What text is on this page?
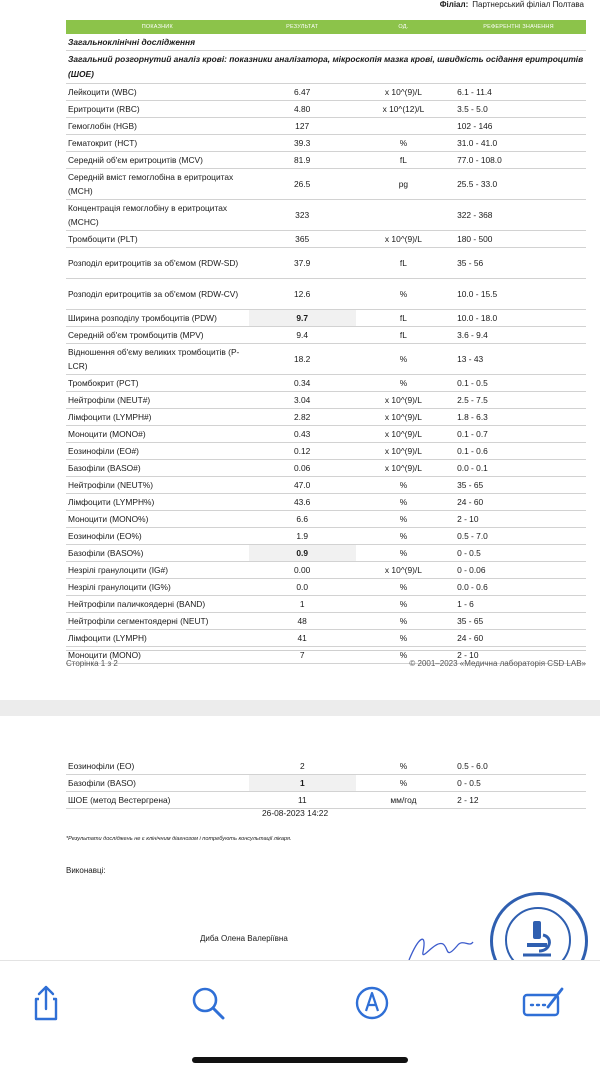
Філіал: Партнерський філіал Полтава
ПОКАЗНИК	РЕЗУЛЬТАТ	ОД.	РЕФЕРЕНТНІ ЗНАЧЕННЯ
Загальноклінічні дослідження			
Загальний розгорнутий аналіз крові: показники аналізатора, мікроскопія мазка крові, швидкість осідання еритроцитів (ШОЕ)			
Лейкоцити (WBC)	6.47	x 10^(9)/L	6.1 - 11.4
Еритроцити (RBC)	4.80	x 10^(12)/L	3.5 - 5.0
Гемоглобін (HGB)	127		102 - 146
Гематокрит (HCT)	39.3	%	31.0 - 41.0
Середній об'єм еритроцитів (MCV)	81.9	fL	77.0 - 108.0
Середній вміст гемоглобіна в еритроцитах (MCH)	26.5	pg	25.5 - 33.0
Концентрація гемоглобіну в еритроцитах (MCHC)	323		322 - 368
Тромбоцити (PLT)	365	x 10^(9)/L	180 - 500
Розподіл еритроцитів за об'ємом (RDW-SD)	37.9	fL	35 - 56
Розподіл еритроцитів за об'ємом (RDW-CV)	12.6	%	10.0 - 15.5
Ширина розподілу тромбоцитів (PDW)	9.7	fL	10.0 - 18.0
Середній об'єм тромбоцитів (MPV)	9.4	fL	3.6 - 9.4
Відношення об'єму великих тромбоцитів (P-LCR)	18.2	%	13 - 43
Тромбокрит (PCT)	0.34	%	0.1 - 0.5
Нейтрофіли (NEUT#)	3.04	x 10^(9)/L	2.5 - 7.5
Лімфоцити (LYMPH#)	2.82	x 10^(9)/L	1.8 - 6.3
Моноцити (MONO#)	0.43	x 10^(9)/L	0.1 - 0.7
Еозинофіли (EO#)	0.12	x 10^(9)/L	0.1 - 0.6
Базофіли (BASO#)	0.06	x 10^(9)/L	0.0 - 0.1
Нейтрофіли (NEUT%)	47.0	%	35 - 65
Лімфоцити (LYMPH%)	43.6	%	24 - 60
Моноцити (MONO%)	6.6	%	2 - 10
Еозинофіли (EO%)	1.9	%	0.5 - 7.0
Базофіли (BASO%)	0.9	%	0 - 0.5
Незрілі гранулоцити (IG#)	0.00	x 10^(9)/L	0 - 0.06
Незрілі гранулоцити (IG%)	0.0	%	0.0 - 0.6
Нейтрофіли паличкоядерні (BAND)	1	%	1 - 6
Нейтрофіли сегментоядерні (NEUT)	48	%	35 - 65
Лімфоцити (LYMPH)	41	%	24 - 60
Моноцити (MONO)	7	%	2 - 10
Сторінка 1 з 2	© 2001–2023 «Медична лабораторія CSD LAB»
Еозинофіли (EO)	2	%	0.5 - 6.0
Базофіли (BASO)	1	%	0 - 0.5
ШОЕ (метод Вестергрена)	11	мм/год	2 - 12
26-08-2023 14:22
*Результати досліджень не є клінічним діагнозом і потребують консультації лікаря.
Виконавці:
Диба Олена Валеріївна
